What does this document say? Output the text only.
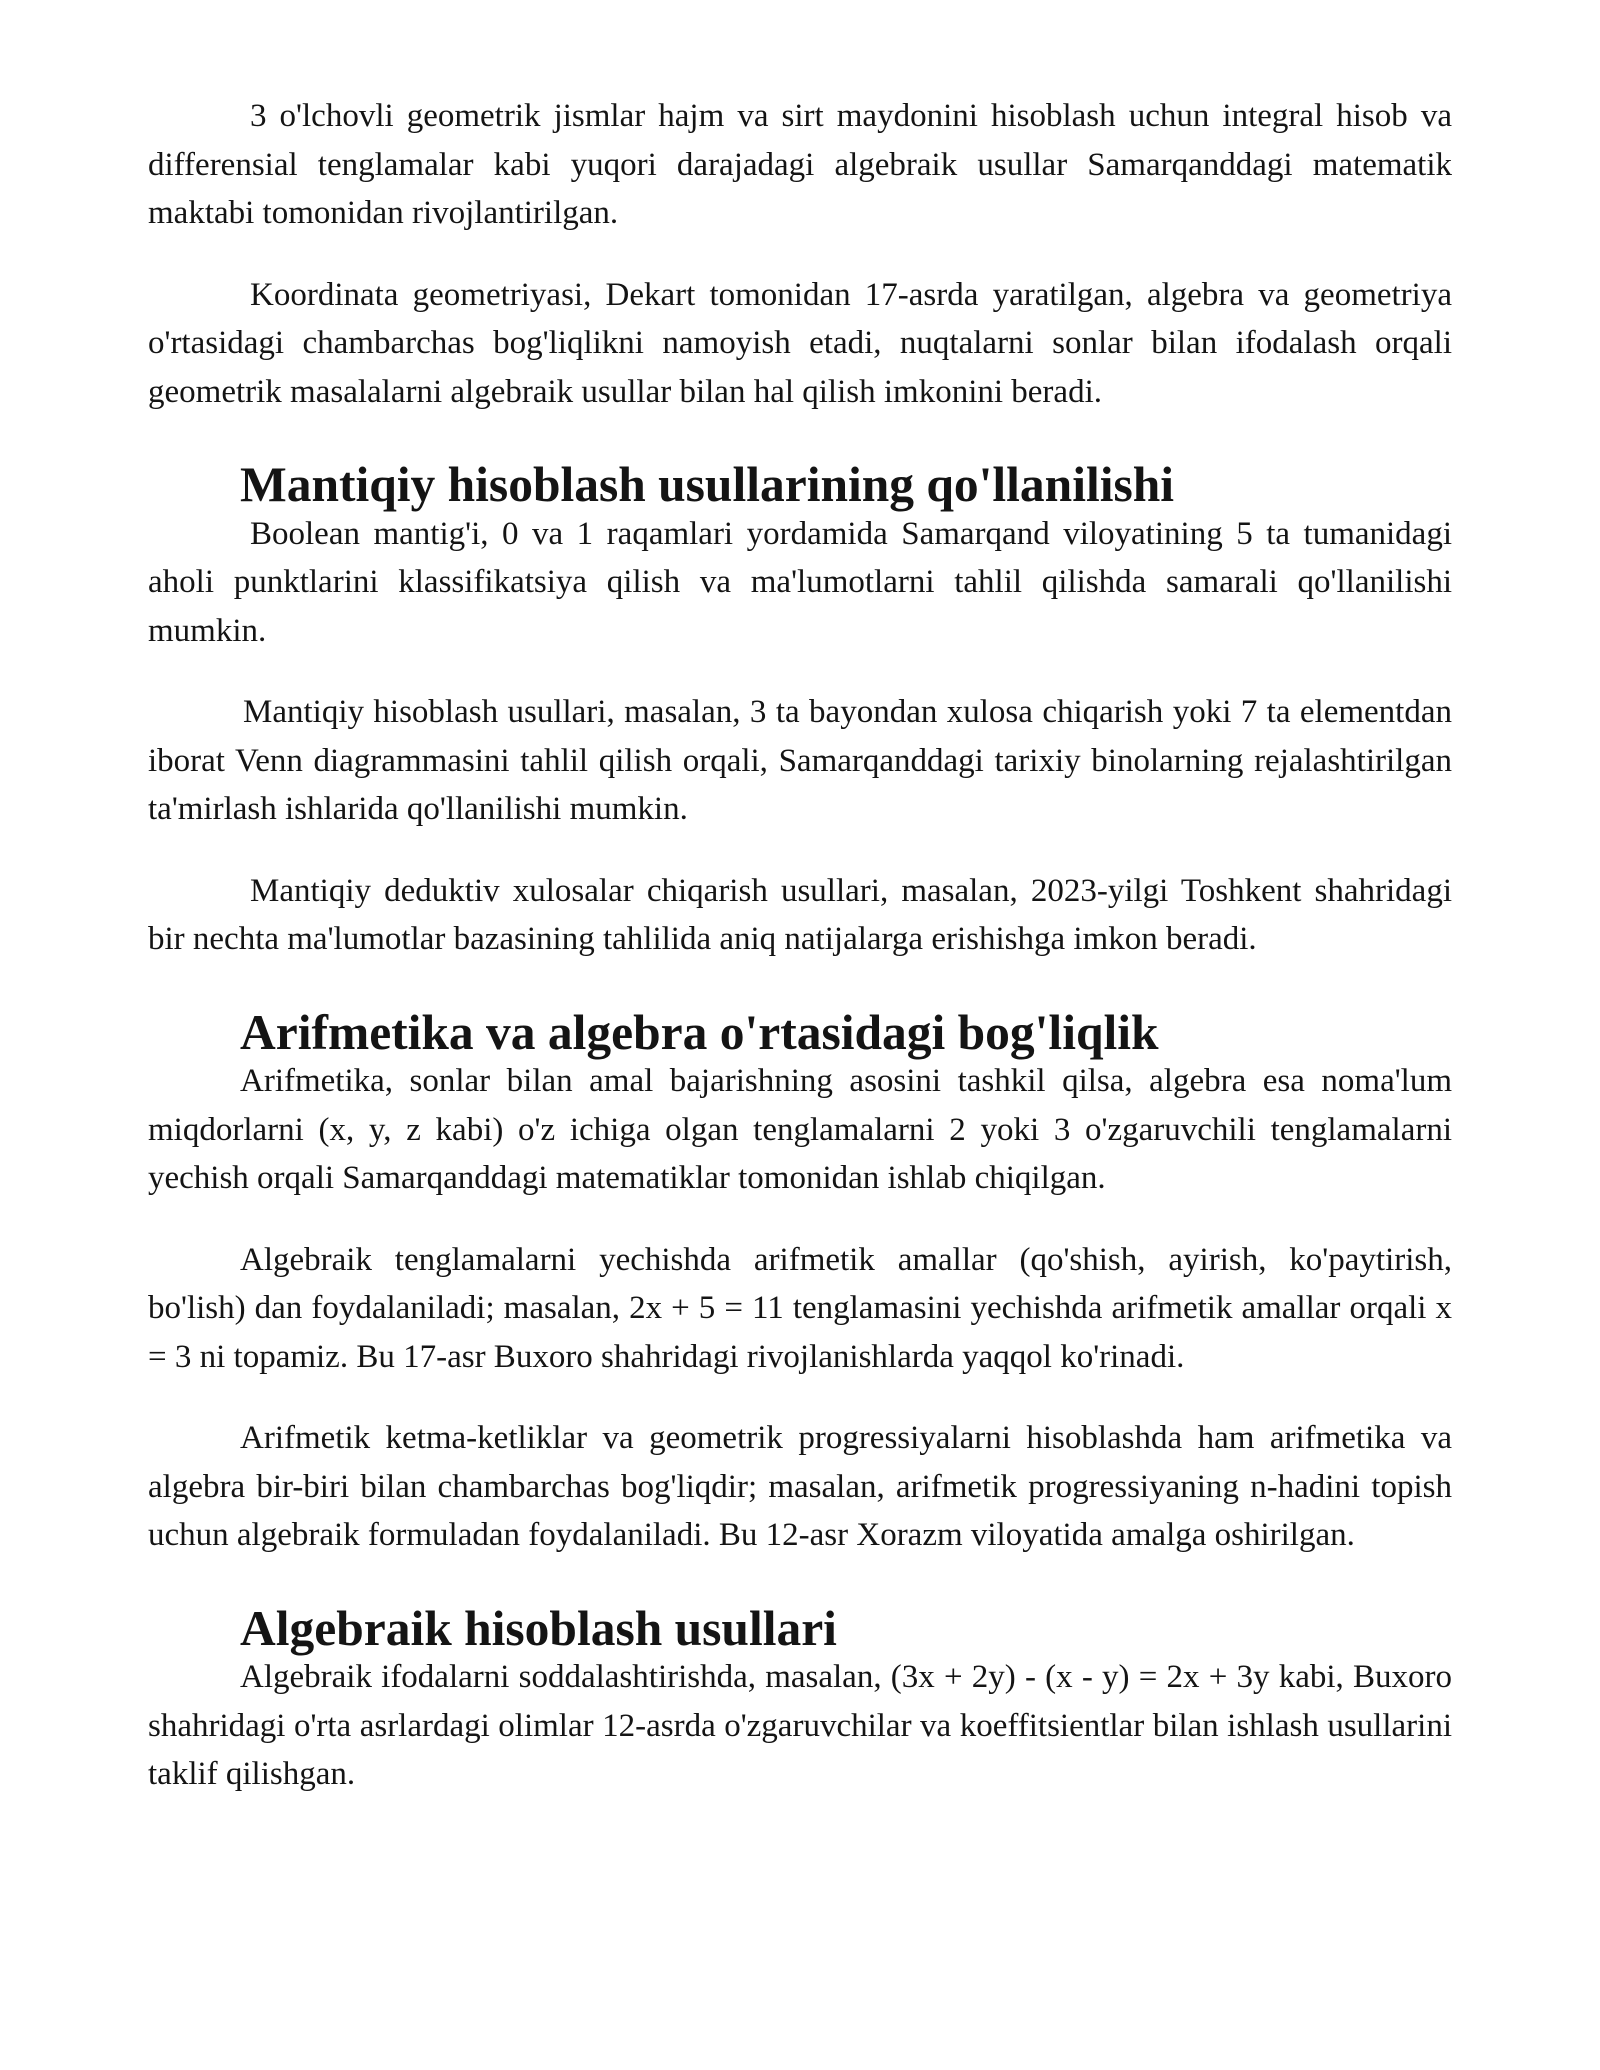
3 o'lchovli geometrik jismlar hajm va sirt maydonini hisoblash uchun integral hisob va differensial tenglamalar kabi yuqori darajadagi algebraik usullar Samarqanddagi matematik maktabi tomonidan rivojlantirilgan.

Koordinata geometriyasi, Dekart tomonidan 17-asrda yaratilgan, algebra va geometriya o'rtasidagi chambarchas bog'liqlikni namoyish etadi, nuqtalarni sonlar bilan ifodalash orqali geometrik masalalarni algebraik usullar bilan hal qilish imkonini beradi.

Mantiqiy hisoblash usullarining qo'llanilishi

Boolean mantig'i, 0 va 1 raqamlari yordamida Samarqand viloyatining 5 ta tumanidagi aholi punktlarini klassifikatsiya qilish va ma'lumotlarni tahlil qilishda samarali qo'llanilishi mumkin.

Mantiqiy hisoblash usullari, masalan, 3 ta bayondan xulosa chiqarish yoki 7 ta elementdan iborat Venn diagrammasini tahlil qilish orqali, Samarqanddagi tarixiy binolarning rejalashtirilgan ta'mirlash ishlarida qo'llanilishi mumkin.

Mantiqiy deduktiv xulosalar chiqarish usullari, masalan, 2023-yilgi Toshkent shahridagi bir nechta ma'lumotlar bazasining tahlilida aniq natijalarga erishishga imkon beradi.

Arifmetika va algebra o'rtasidagi bog'liqlik

Arifmetika, sonlar bilan amal bajarishning asosini tashkil qilsa, algebra esa noma'lum miqdorlarni (x, y, z kabi) o'z ichiga olgan tenglamalarni 2 yoki 3 o'zgaruvchili tenglamalarni yechish orqali Samarqanddagi matematiklar tomonidan ishlab chiqilgan.

Algebraik tenglamalarni yechishda arifmetik amallar (qo'shish, ayirish, ko'paytirish, bo'lish) dan foydalaniladi; masalan, 2x + 5 = 11 tenglamasini yechishda arifmetik amallar orqali x = 3 ni topamiz. Bu 17-asr Buxoro shahridagi rivojlanishlarda yaqqol ko'rinadi.

Arifmetik ketma-ketliklar va geometrik progressiyalarni hisoblashda ham arifmetika va algebra bir-biri bilan chambarchas bog'liqdir; masalan, arifmetik progressiyaning n-hadini topish uchun algebraik formuladan foydalaniladi. Bu 12-asr Xorazm viloyatida amalga oshirilgan.

Algebraik hisoblash usullari

Algebraik ifodalarni soddalashtirishda, masalan, (3x + 2y) - (x - y) = 2x + 3y kabi, Buxoro shahridagi o'rta asrlardagi olimlar 12-asrda o'zgaruvchilar va koeffitsientlar bilan ishlash usullarini taklif qilishgan.
